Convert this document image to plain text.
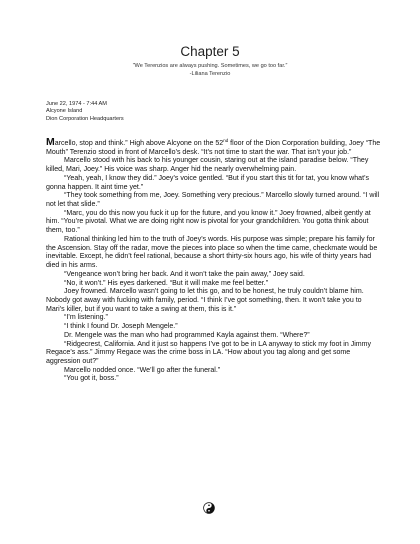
Chapter 5
“We Terenzios are always pushing. Sometimes, we go too far.”
-Liliana Terenzio
June 22, 1974 - 7:44 AM
Alcyone Island
Dion Corporation Headquarters

Marcello, stop and think.” High above Alcyone on the 52nd floor of the Dion Corporation building, Joey “The Mouth” Terenzio stood in front of Marcello’s desk. “It’s not time to start the war. That isn’t your job.”

Marcello stood with his back to his younger cousin, staring out at the island paradise below. “They killed, Mari, Joey.” His voice was sharp. Anger hid the nearly overwhelming pain.

“Yeah, yeah, I know they did.” Joey’s voice gentled. “But if you start this tit for tat, you know what’s gonna happen. It aint time yet.”

“They took something from me, Joey. Something very precious.” Marcello slowly turned around. “I will not let that slide.”

“Marc, you do this now you fuck it up for the future, and you know it.” Joey frowned, albeit gently at him. “You’re pivotal. What we are doing right now is pivotal for your grandchildren. You gotta think about them, too.”

Rational thinking led him to the truth of Joey’s words. His purpose was simple; prepare his family for the Ascension. Stay off the radar, move the pieces into place so when the time came, checkmate would be inevitable. Except, he didn’t feel rational, because a short thirty-six hours ago, his wife of thirty years had died in his arms.

“Vengeance won’t bring her back. And it won’t take the pain away,” Joey said.

“No, it won’t.” His eyes darkened. “But it will make me feel better.”

Joey frowned. Marcello wasn’t going to let this go, and to be honest, he truly couldn’t blame him. Nobody got away with fucking with family, period. “I think I’ve got something, then. It won’t take you to Mari’s killer, but if you want to take a swing at them, this is it.”

“I’m listening.”

“I think I found Dr. Joseph Mengele.”

Dr. Mengele was the man who had programmed Kayla against them. “Where?”

“Ridgecrest, California. And it just so happens I’ve got to be in LA anyway to stick my foot in Jimmy Regace’s ass.” Jimmy Regace was the crime boss in LA. “How about you tag along and get some aggression out?”

Marcello nodded once. “We’ll go after the funeral.”

“You got it, boss.”
